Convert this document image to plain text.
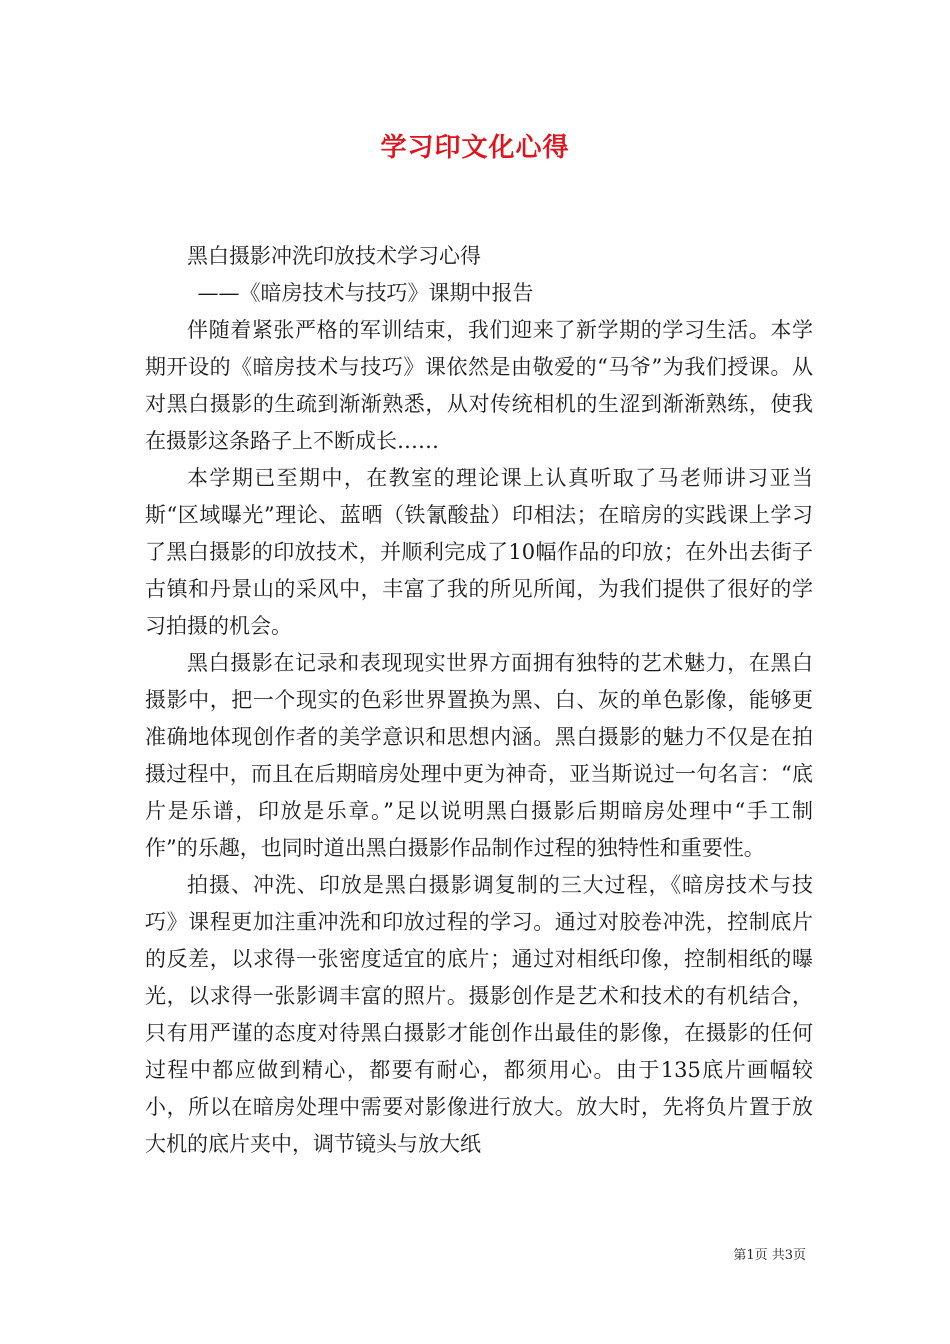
学习印文化心得

黑白摄影冲洗印放技术学习心得

——《暗房技术与技巧》课期中报告

伴随着紧张严格的军训结束，我们迎来了新学期的学习生活。本学期开设的《暗房技术与技巧》课依然是由敬爱的“马爷”为我们授课。从对黑白摄影的生疏到渐渐熟悉，从对传统相机的生涩到渐渐熟练，使我在摄影这条路子上不断成长……

本学期已至期中，在教室的理论课上认真听取了马老师讲习亚当斯“区域曝光”理论、蓝晒（铁氰酸盐）印相法；在暗房的实践课上学习了黑白摄影的印放技术，并顺利完成了10幅作品的印放；在外出去街子古镇和丹景山的采风中，丰富了我的所见所闻，为我们提供了很好的学习拍摄的机会。

黑白摄影在记录和表现现实世界方面拥有独特的艺术魅力，在黑白摄影中，把一个现实的色彩世界置换为黑、白、灰的单色影像，能够更准确地体现创作者的美学意识和思想内涵。黑白摄影的魅力不仅是在拍摄过程中，而且在后期暗房处理中更为神奇，亚当斯说过一句名言：“底片是乐谱，印放是乐章。”足以说明黑白摄影后期暗房处理中“手工制作”的乐趣，也同时道出黑白摄影作品制作过程的独特性和重要性。

拍摄、冲洗、印放是黑白摄影调复制的三大过程，《暗房技术与技巧》课程更加注重冲洗和印放过程的学习。通过对胶卷冲洗，控制底片的反差，以求得一张密度适宜的底片；通过对相纸印像，控制相纸的曝光，以求得一张影调丰富的照片。摄影创作是艺术和技术的有机结合，只有用严谨的态度对待黑白摄影才能创作出最佳的影像，在摄影的任何过程中都应做到精心，都要有耐心，都须用心。由于135底片画幅较小，所以在暗房处理中需要对影像进行放大。放大时，先将负片置于放大机的底片夹中，调节镜头与放大纸

第1页 共3页
